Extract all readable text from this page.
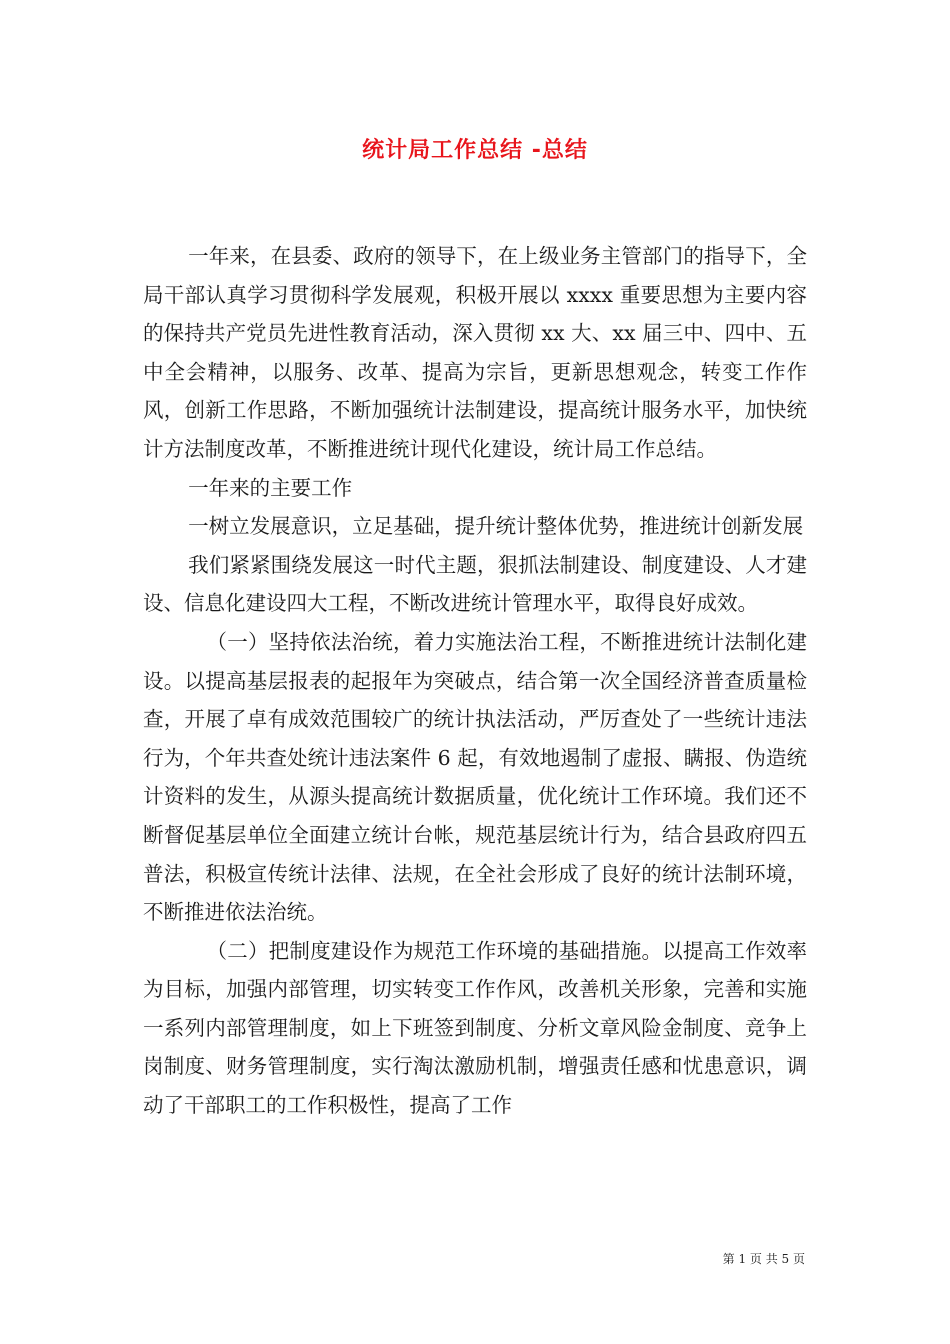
统计局工作总结 -总结

一年来，在县委、政府的领导下，在上级业务主管部门的指导下，全局干部认真学习贯彻科学发展观，积极开展以 xxxx 重要思想为主要内容的保持共产党员先进性教育活动，深入贯彻 xx 大、xx 届三中、四中、五中全会精神，以服务、改革、提高为宗旨，更新思想观念，转变工作作风，创新工作思路，不断加强统计法制建设，提高统计服务水平，加快统计方法制度改革，不断推进统计现代化建设，统计局工作总结。

一年来的主要工作

一树立发展意识，立足基础，提升统计整体优势，推进统计创新发展

我们紧紧围绕发展这一时代主题，狠抓法制建设、制度建设、人才建设、信息化建设四大工程，不断改进统计管理水平，取得良好成效。

（一）坚持依法治统，着力实施法治工程，不断推进统计法制化建设。以提高基层报表的起报年为突破点，结合第一次全国经济普查质量检查，开展了卓有成效范围较广的统计执法活动，严厉查处了一些统计违法行为，个年共查处统计违法案件 6 起，有效地遏制了虚报、瞒报、伪造统计资料的发生，从源头提高统计数据质量，优化统计工作环境。我们还不断督促基层单位全面建立统计台帐，规范基层统计行为，结合县政府四五普法，积极宣传统计法律、法规，在全社会形成了良好的统计法制环境，不断推进依法治统。

（二）把制度建设作为规范工作环境的基础措施。以提高工作效率为目标，加强内部管理，切实转变工作作风，改善机关形象，完善和实施一系列内部管理制度，如上下班签到制度、分析文章风险金制度、竞争上岗制度、财务管理制度，实行淘汰激励机制，增强责任感和忧患意识，调动了干部职工的工作积极性，提高了工作

第 1 页 共 5 页
